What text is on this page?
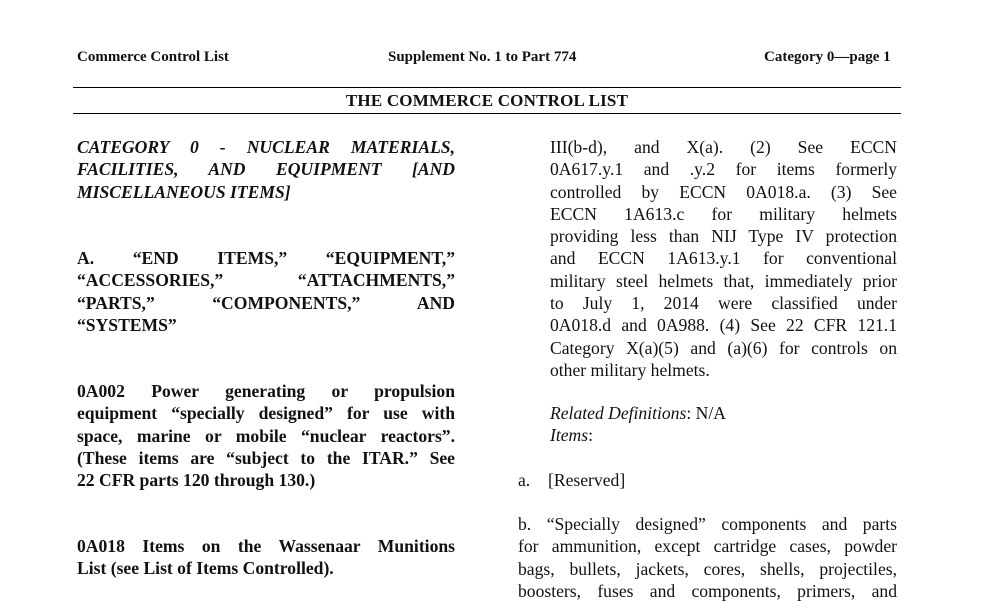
Commerce Control List	Supplement No. 1 to Part 774	Category 0—page 1
THE COMMERCE CONTROL LIST
CATEGORY 0 - NUCLEAR MATERIALS,
FACILITIES, AND EQUIPMENT [AND
MISCELLANEOUS ITEMS]
A. “END ITEMS,” “EQUIPMENT,”
“ACCESSORIES,” “ATTACHMENTS,”
“PARTS,” “COMPONENTS,” AND
“SYSTEMS”
0A002 Power generating or propulsion
equipment “specially designed” for use with
space, marine or mobile “nuclear reactors”.
(These items are “subject to the ITAR.” See
22 CFR parts 120 through 130.)
0A018 Items on the Wassenaar Munitions
List (see List of Items Controlled).
III(b-d), and X(a). (2) See ECCN
0A617.y.1 and .y.2 for items formerly
controlled by ECCN 0A018.a. (3) See
ECCN 1A613.c for military helmets
providing less than NIJ Type IV protection
and ECCN 1A613.y.1 for conventional
military steel helmets that, immediately prior
to July 1, 2014 were classified under
0A018.d and 0A988. (4) See 22 CFR 121.1
Category X(a)(5) and (a)(6) for controls on
other military helmets.
Related Definitions: N/A
Items:
a. [Reserved]
b. “Specially designed” components and parts
for ammunition, except cartridge cases, powder
bags, bullets, jackets, cores, shells, projectiles,
boosters, fuses and components, primers, and
